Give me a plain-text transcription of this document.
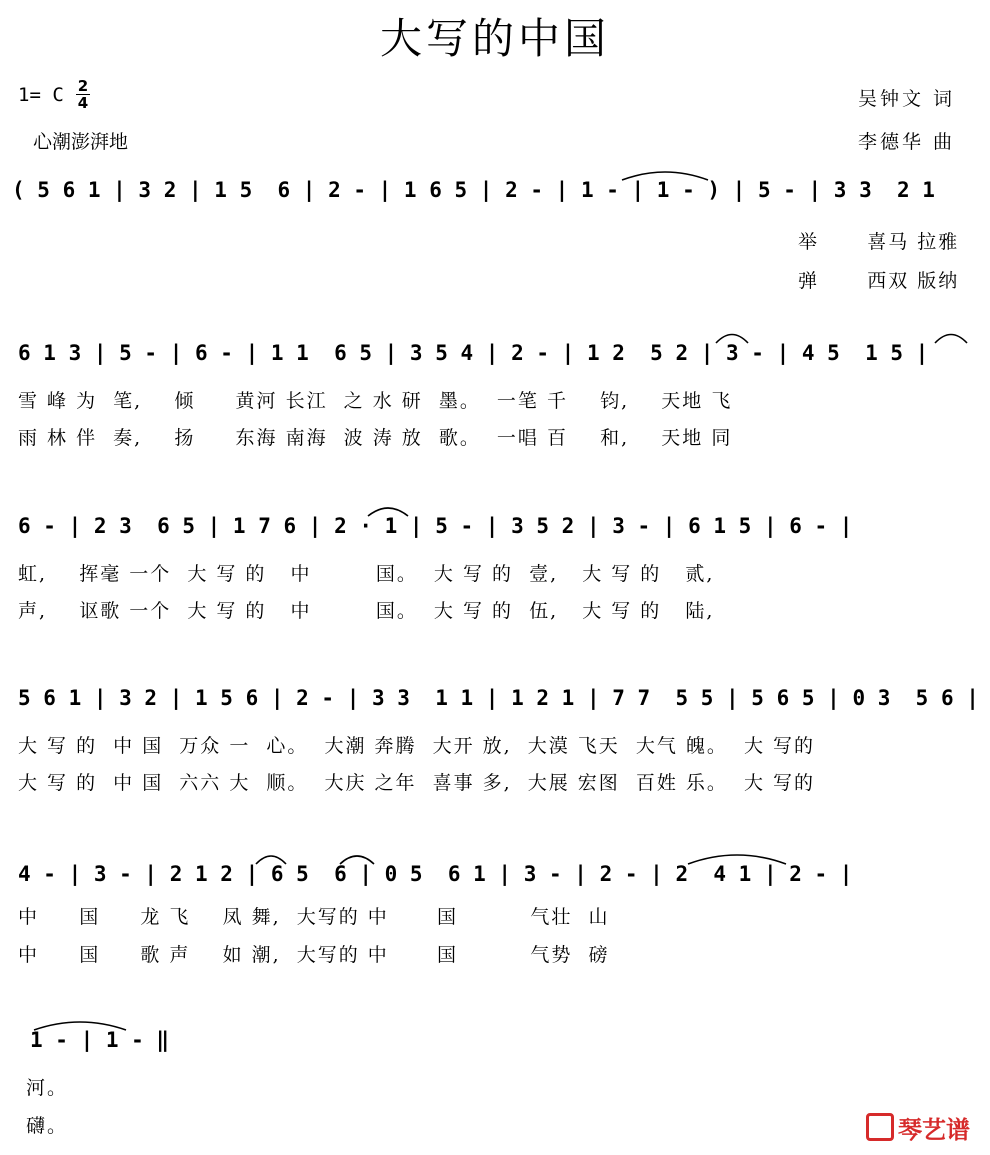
大写的中国
1= C $\frac{2}{4}$
心潮澎湃地
吴钟文 词
李德华 曲

( 5 6 1 | 3 2 | 1 5  6 | 2 - | 1 6 5 | 2 - | 1 - | 1 - ) | 5 - | 3 3  2 1

举      喜马 拉雅

弹      西双 版纳

6 1 3 | 5 - | 6 - | 1 1  6 5 | 3 5 4 | 2 - | 1 2  5 2 | 3 - | 4 5  1 5 |

雪 峰 为  笔,    倾     黄河 长江  之 水 研  墨。  一笔 千    钧,    天地 飞

雨 林 伴  奏,    扬     东海 南海  波 涛 放  歌。  一唱 百    和,    天地 同

6 - | 2 3  6 5 | 1 7 6 | 2 · 1 | 5 - | 3 5 2 | 3 - | 6 1 5 | 6 - |

虹,    挥毫 一个  大 写 的   中        国。  大 写 的  壹,   大 写 的   贰,

声,    讴歌 一个  大 写 的   中        国。  大 写 的  伍,   大 写 的   陆,

5 6 1 | 3 2 | 1 5 6 | 2 - | 3 3  1 1 | 1 2 1 | 7 7  5 5 | 5 6 5 | 0 3  5 6 |

大 写 的  中 国  万众 一  心。  大潮 奔腾  大开 放,  大漠 飞天  大气 魄。  大 写的

大 写 的  中 国  六六 大  顺。  大庆 之年  喜事 多,  大展 宏图  百姓 乐。  大 写的

4 - | 3 - | 2 1 2 | 6 5  6 | 0 5  6 1 | 3 - | 2 - | 2  4 1 | 2 - |

中     国     龙 飞    凤 舞,  大写的 中      国         气壮  山

中     国     歌 声    如 潮,  大写的 中      国         气势  磅

1 - | 1 - ‖

河。

礴。	琴艺谱
